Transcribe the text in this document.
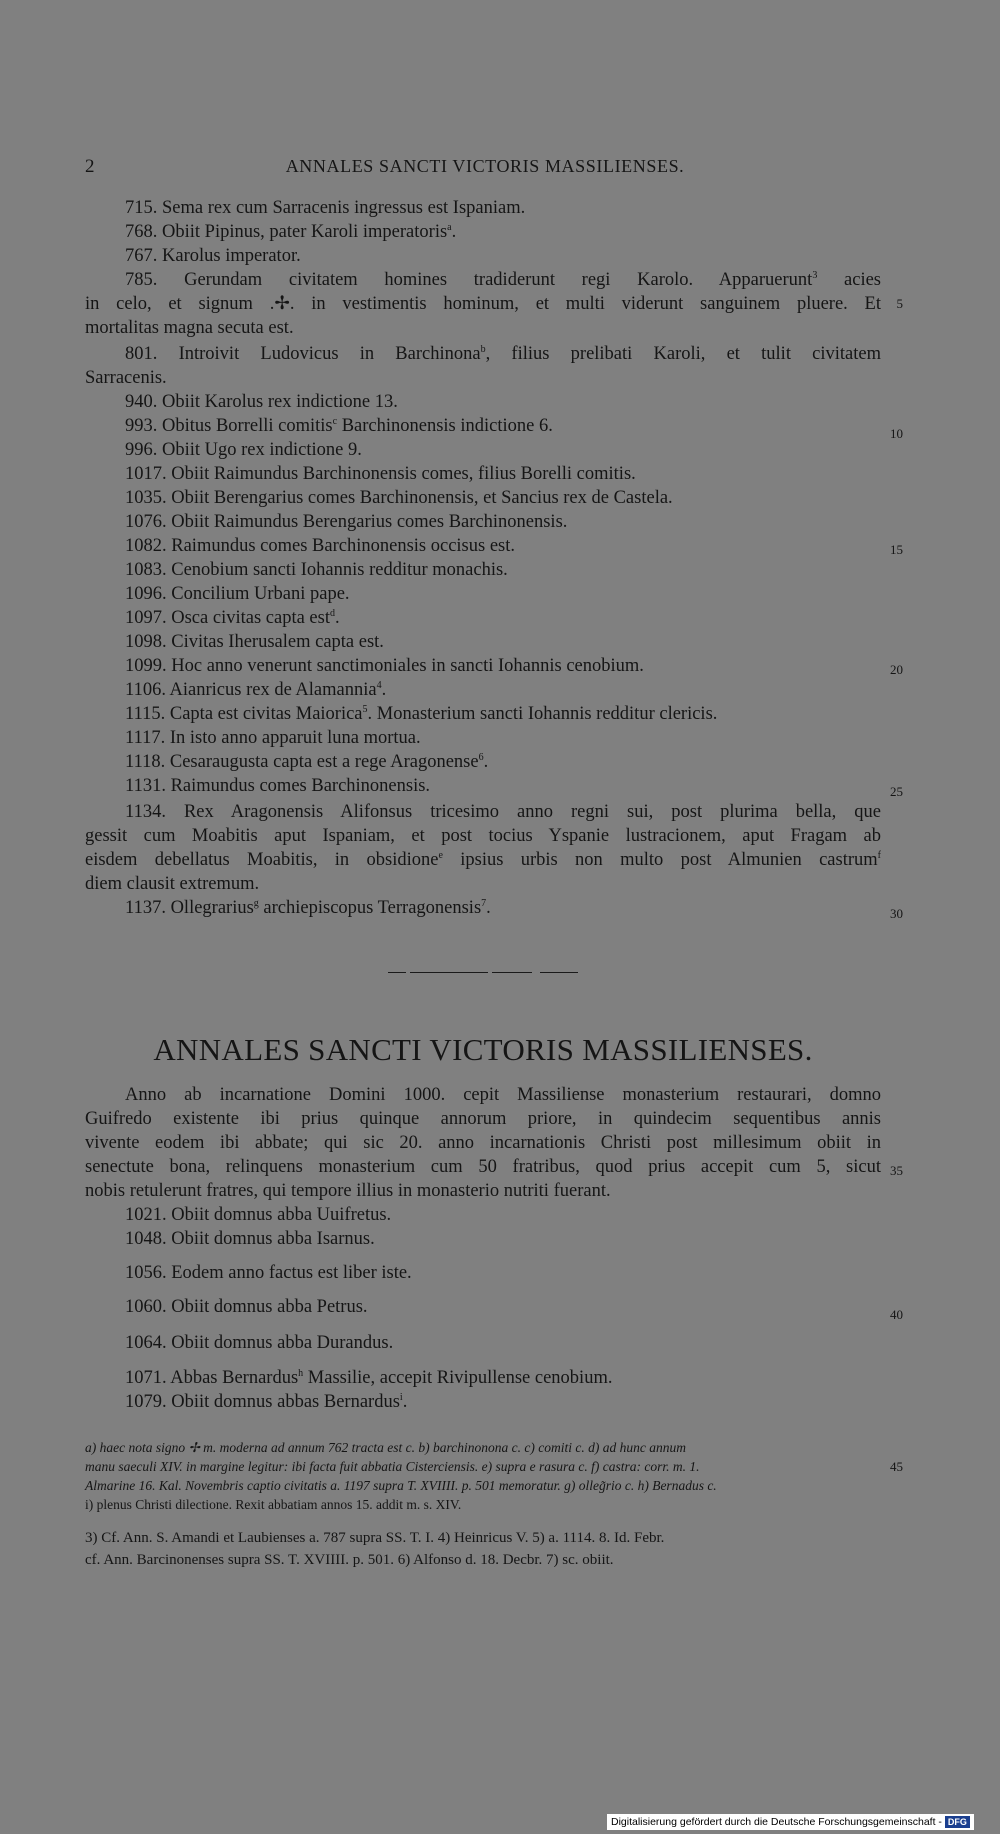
2	ANNALES SANCTI VICTORIS MASSILIENSES.
715. Sema rex cum Sarracenis ingressus est Ispaniam.
768. Obiit Pipinus, pater Karoli imperatoris$^a$.
767. Karolus imperator.
785. Gerundam civitatem homines tradiderunt regi Karolo. Apparuerunt$^3$ acies
in celo, et signum .✢. in vestimentis hominum, et multi viderunt sanguinem pluere. Et 5
mortalitas magna secuta est.
801. Introivit Ludovicus in Barchinona$^b$, filius prelibati Karoli, et tulit civitatem
Sarracenis.
940. Obiit Karolus rex indictione 13.
993. Obitus Borrelli comitis$^c$ Barchinonensis indictione 6.	10
996. Obiit Ugo rex indictione 9.
1017. Obiit Raimundus Barchinonensis comes, filius Borelli comitis.
1035. Obiit Berengarius comes Barchinonensis, et Sancius rex de Castela.
1076. Obiit Raimundus Berengarius comes Barchinonensis.
1082. Raimundus comes Barchinonensis occisus est.	15
1083. Cenobium sancti Iohannis redditur monachis.
1096. Concilium Urbani pape.
1097. Osca civitas capta est$^d$.
1098. Civitas Iherusalem capta est.
1099. Hoc anno venerunt sanctimoniales in sancti Iohannis cenobium.	20
1106. Aianricus rex de Alamannia$^4$.
1115. Capta est civitas Maiorica$^5$. Monasterium sancti Iohannis redditur clericis.
1117. In isto anno apparuit luna mortua.
1118. Cesaraugusta capta est a rege Aragonense$^6$.
1131. Raimundus comes Barchinonensis.	25
1134. Rex Aragonensis Alifonsus tricesimo anno regni sui, post plurima bella, que
gessit cum Moabitis aput Ispaniam, et post tocius Yspanie lustracionem, aput Fragam ab
eisdem debellatus Moabitis, in obsidione$^e$ ipsius urbis non multo post Almunien castrum$^f$
diem clausit extremum.
1137. Ollegrarius$^g$ archiepiscopus Terragonensis$^7$.	30
ANNALES SANCTI VICTORIS MASSILIENSES.
Anno ab incarnatione Domini 1000. cepit Massiliense monasterium restaurari, domno
Guifredo existente ibi prius quinque annorum priore, in quindecim sequentibus annis
vivente eodem ibi abbate; qui sic 20. anno incarnationis Christi post millesimum obiit in
senectute bona, relinquens monasterium cum 50 fratribus, quod prius accepit cum 5, sicut 35
nobis retulerunt fratres, qui tempore illius in monasterio nutriti fuerant.
1021. Obiit domnus abba Uuifretus.
1048. Obiit domnus abba Isarnus.
1056. Eodem anno factus est liber iste.
1060. Obiit domnus abba Petrus.	40
1064. Obiit domnus abba Durandus.
1071. Abbas Bernardus$^h$ Massilie, accepit Rivipullense cenobium.
1079. Obiit domnus abbas Bernardus$^i$.
a) haec nota signo ✢ m. moderna ad annum 762 tracta est c. b) barchinonona c. c) comiti c. d) ad hunc annum
manu saeculi XIV. in margine legitur: ibi facta fuit abbatia Cisterciensis. e) supra e rasura c. f) castra: corr. m. 1.	45
Almarine 16. Kal. Novembris captio civitatis a. 1197 supra T. XVIIII. p. 501 memoratur. g) olleg̃rio c. h) Bernadus c.
i) plenus Christi dilectione. Rexit abbatiam annos 15. addit m. s. XIV.
3) Cf. Ann. S. Amandi et Laubienses a. 787 supra SS. T. I. 4) Heinricus V. 5) a. 1114. 8. Id. Febr.
cf. Ann. Barcinonenses supra SS. T. XVIIII. p. 501. 6) Alfonso d. 18. Decbr. 7) sc. obiit.
Digitalisierung gefördert durch die Deutsche Forschungsgemeinschaft - DFG
